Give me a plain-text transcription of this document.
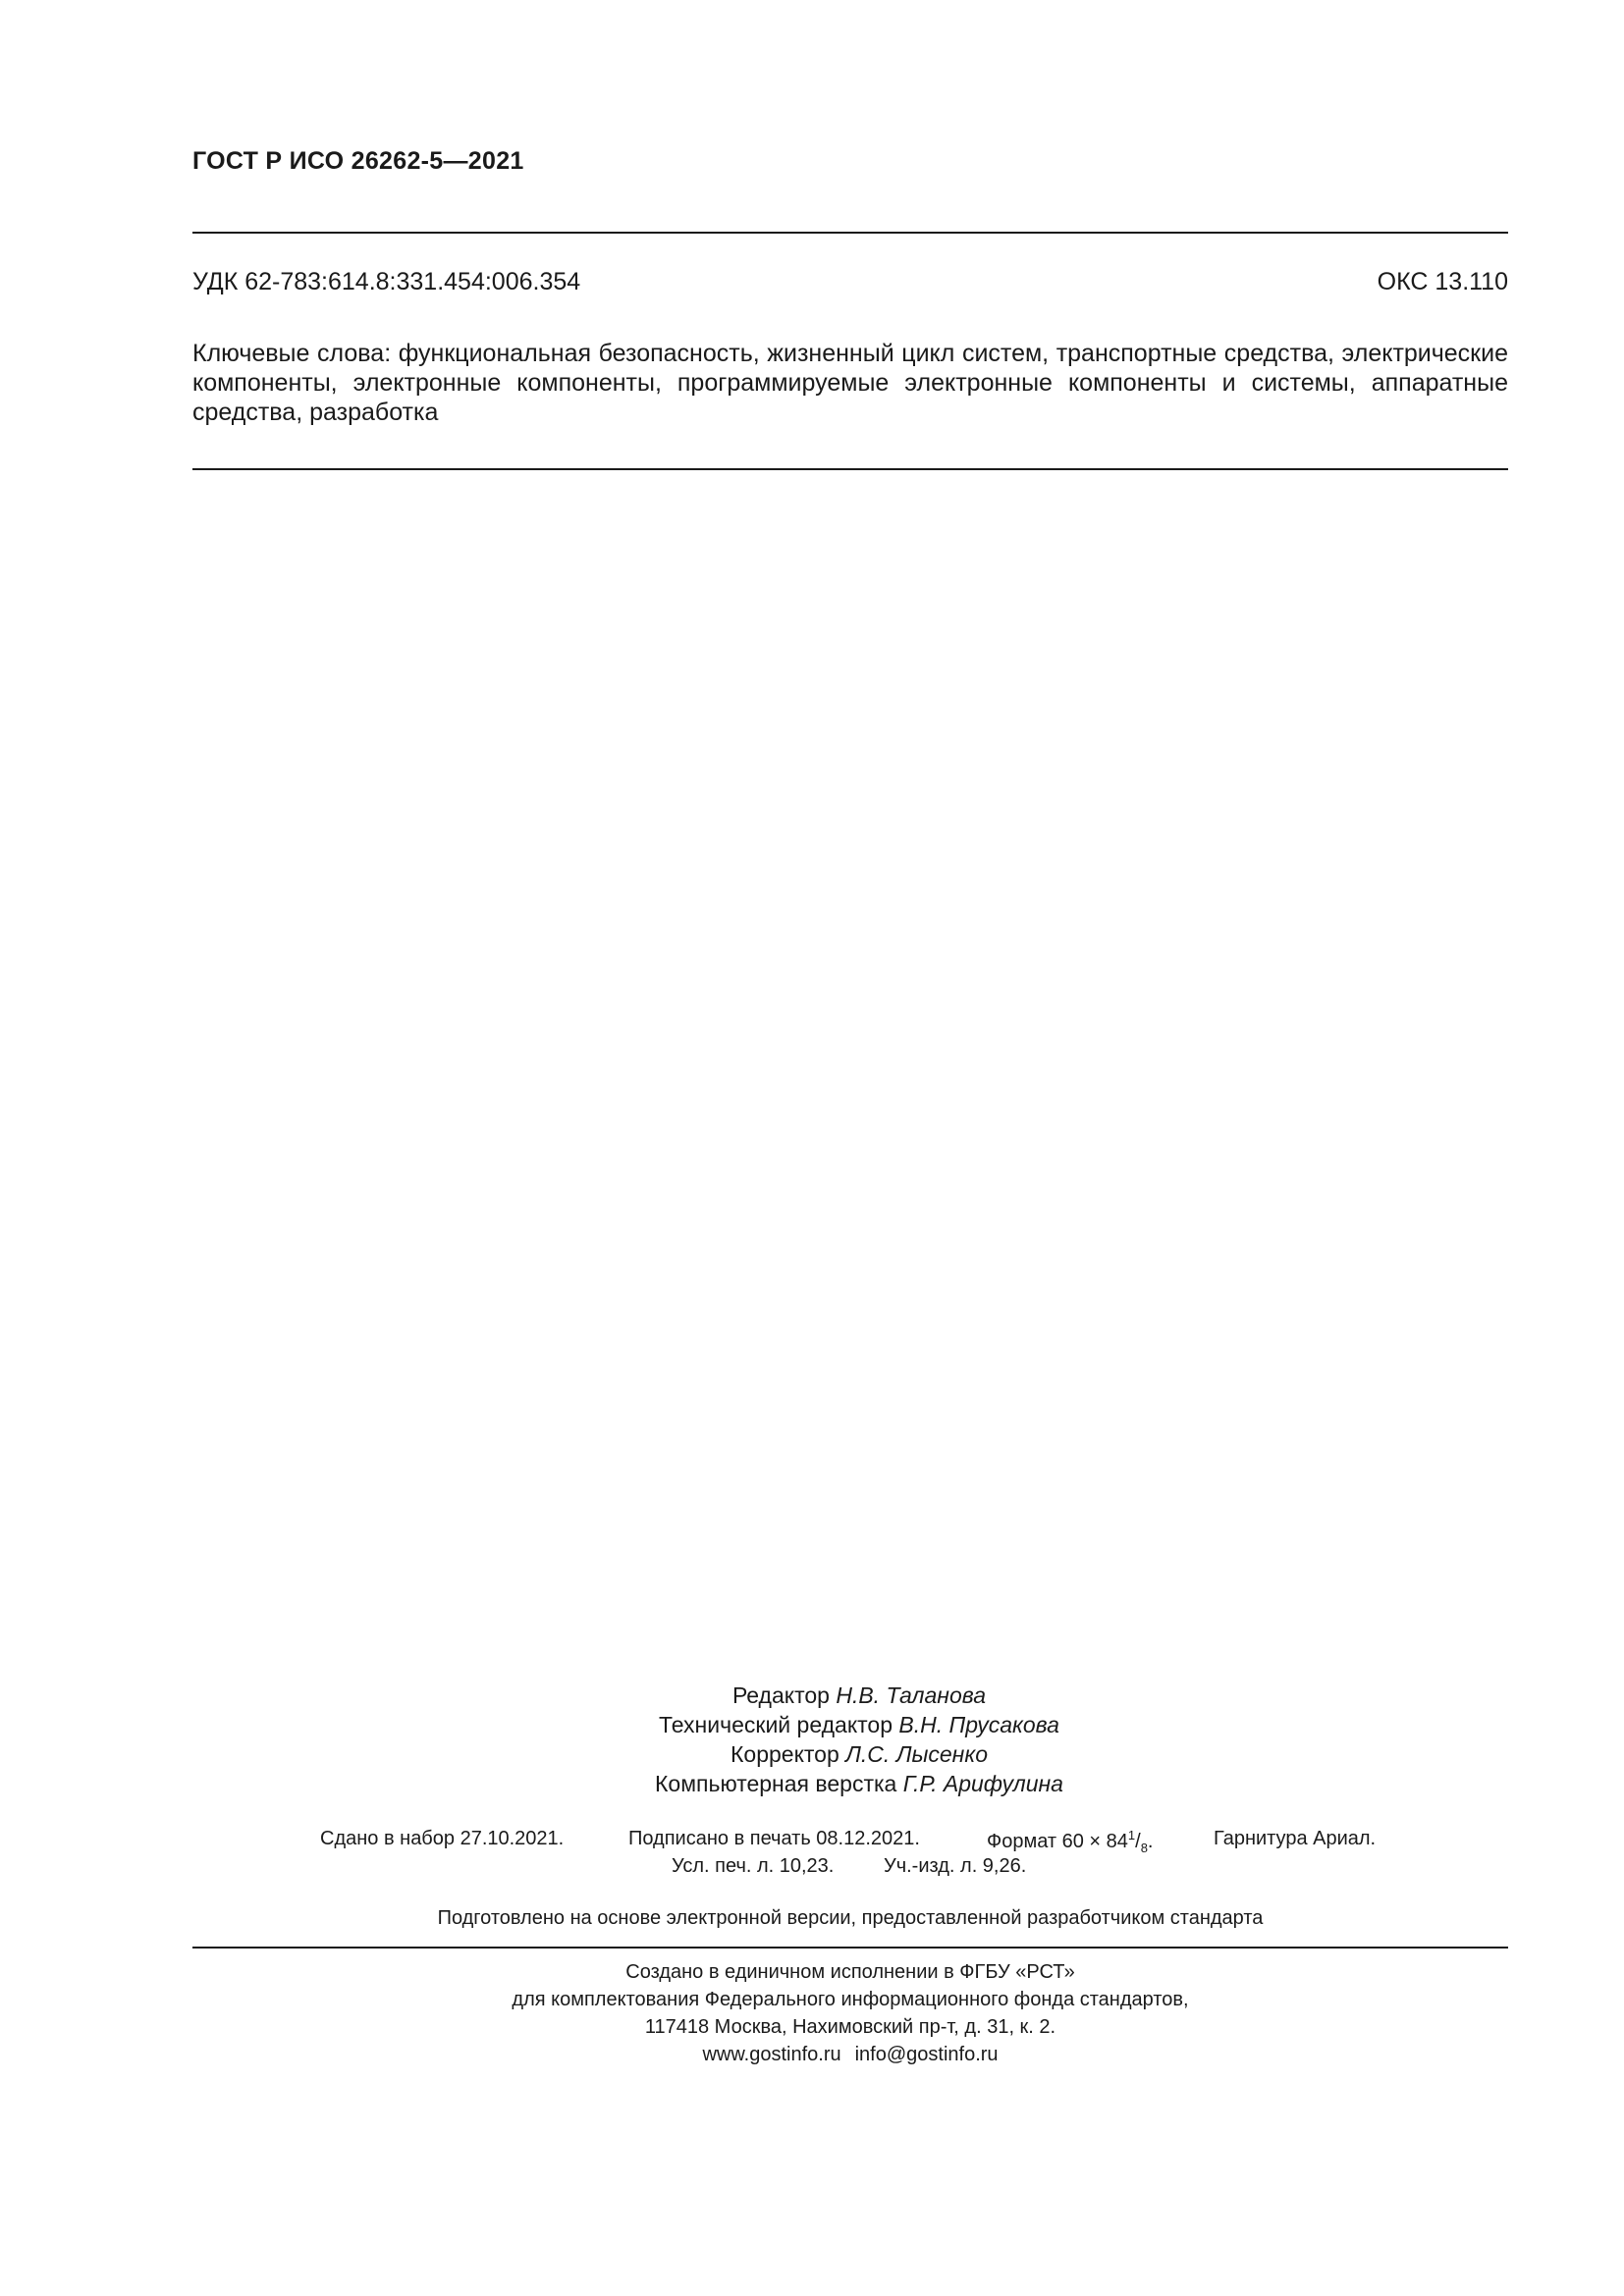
ГОСТ Р ИСО 26262-5—2021
УДК 62-783:614.8:331.454:006.354	ОКС 13.110
Ключевые слова: функциональная безопасность, жизненный цикл систем, транспортные средства, электрические компоненты, электронные компоненты, программируемые электронные компоненты и системы, аппаратные средства, разработка
Редактор Н.В. Таланова
Технический редактор В.Н. Прусакова
Корректор Л.С. Лысенко
Компьютерная верстка Г.Р. Арифулина
Сдано в набор 27.10.2021.	Подписано в печать 08.12.2021.	Формат $60 \times 84^1/_8$.	Гарнитура Ариал.
Усл. печ. л. 10,23.	Уч.-изд. л. 9,26.
Подготовлено на основе электронной версии, предоставленной разработчиком стандарта
Создано в единичном исполнении в ФГБУ «РСТ»
для комплектования Федерального информационного фонда стандартов,
117418 Москва, Нахимовский пр-т, д. 31, к. 2.
www.gostinfo.ru info@gostinfo.ru
